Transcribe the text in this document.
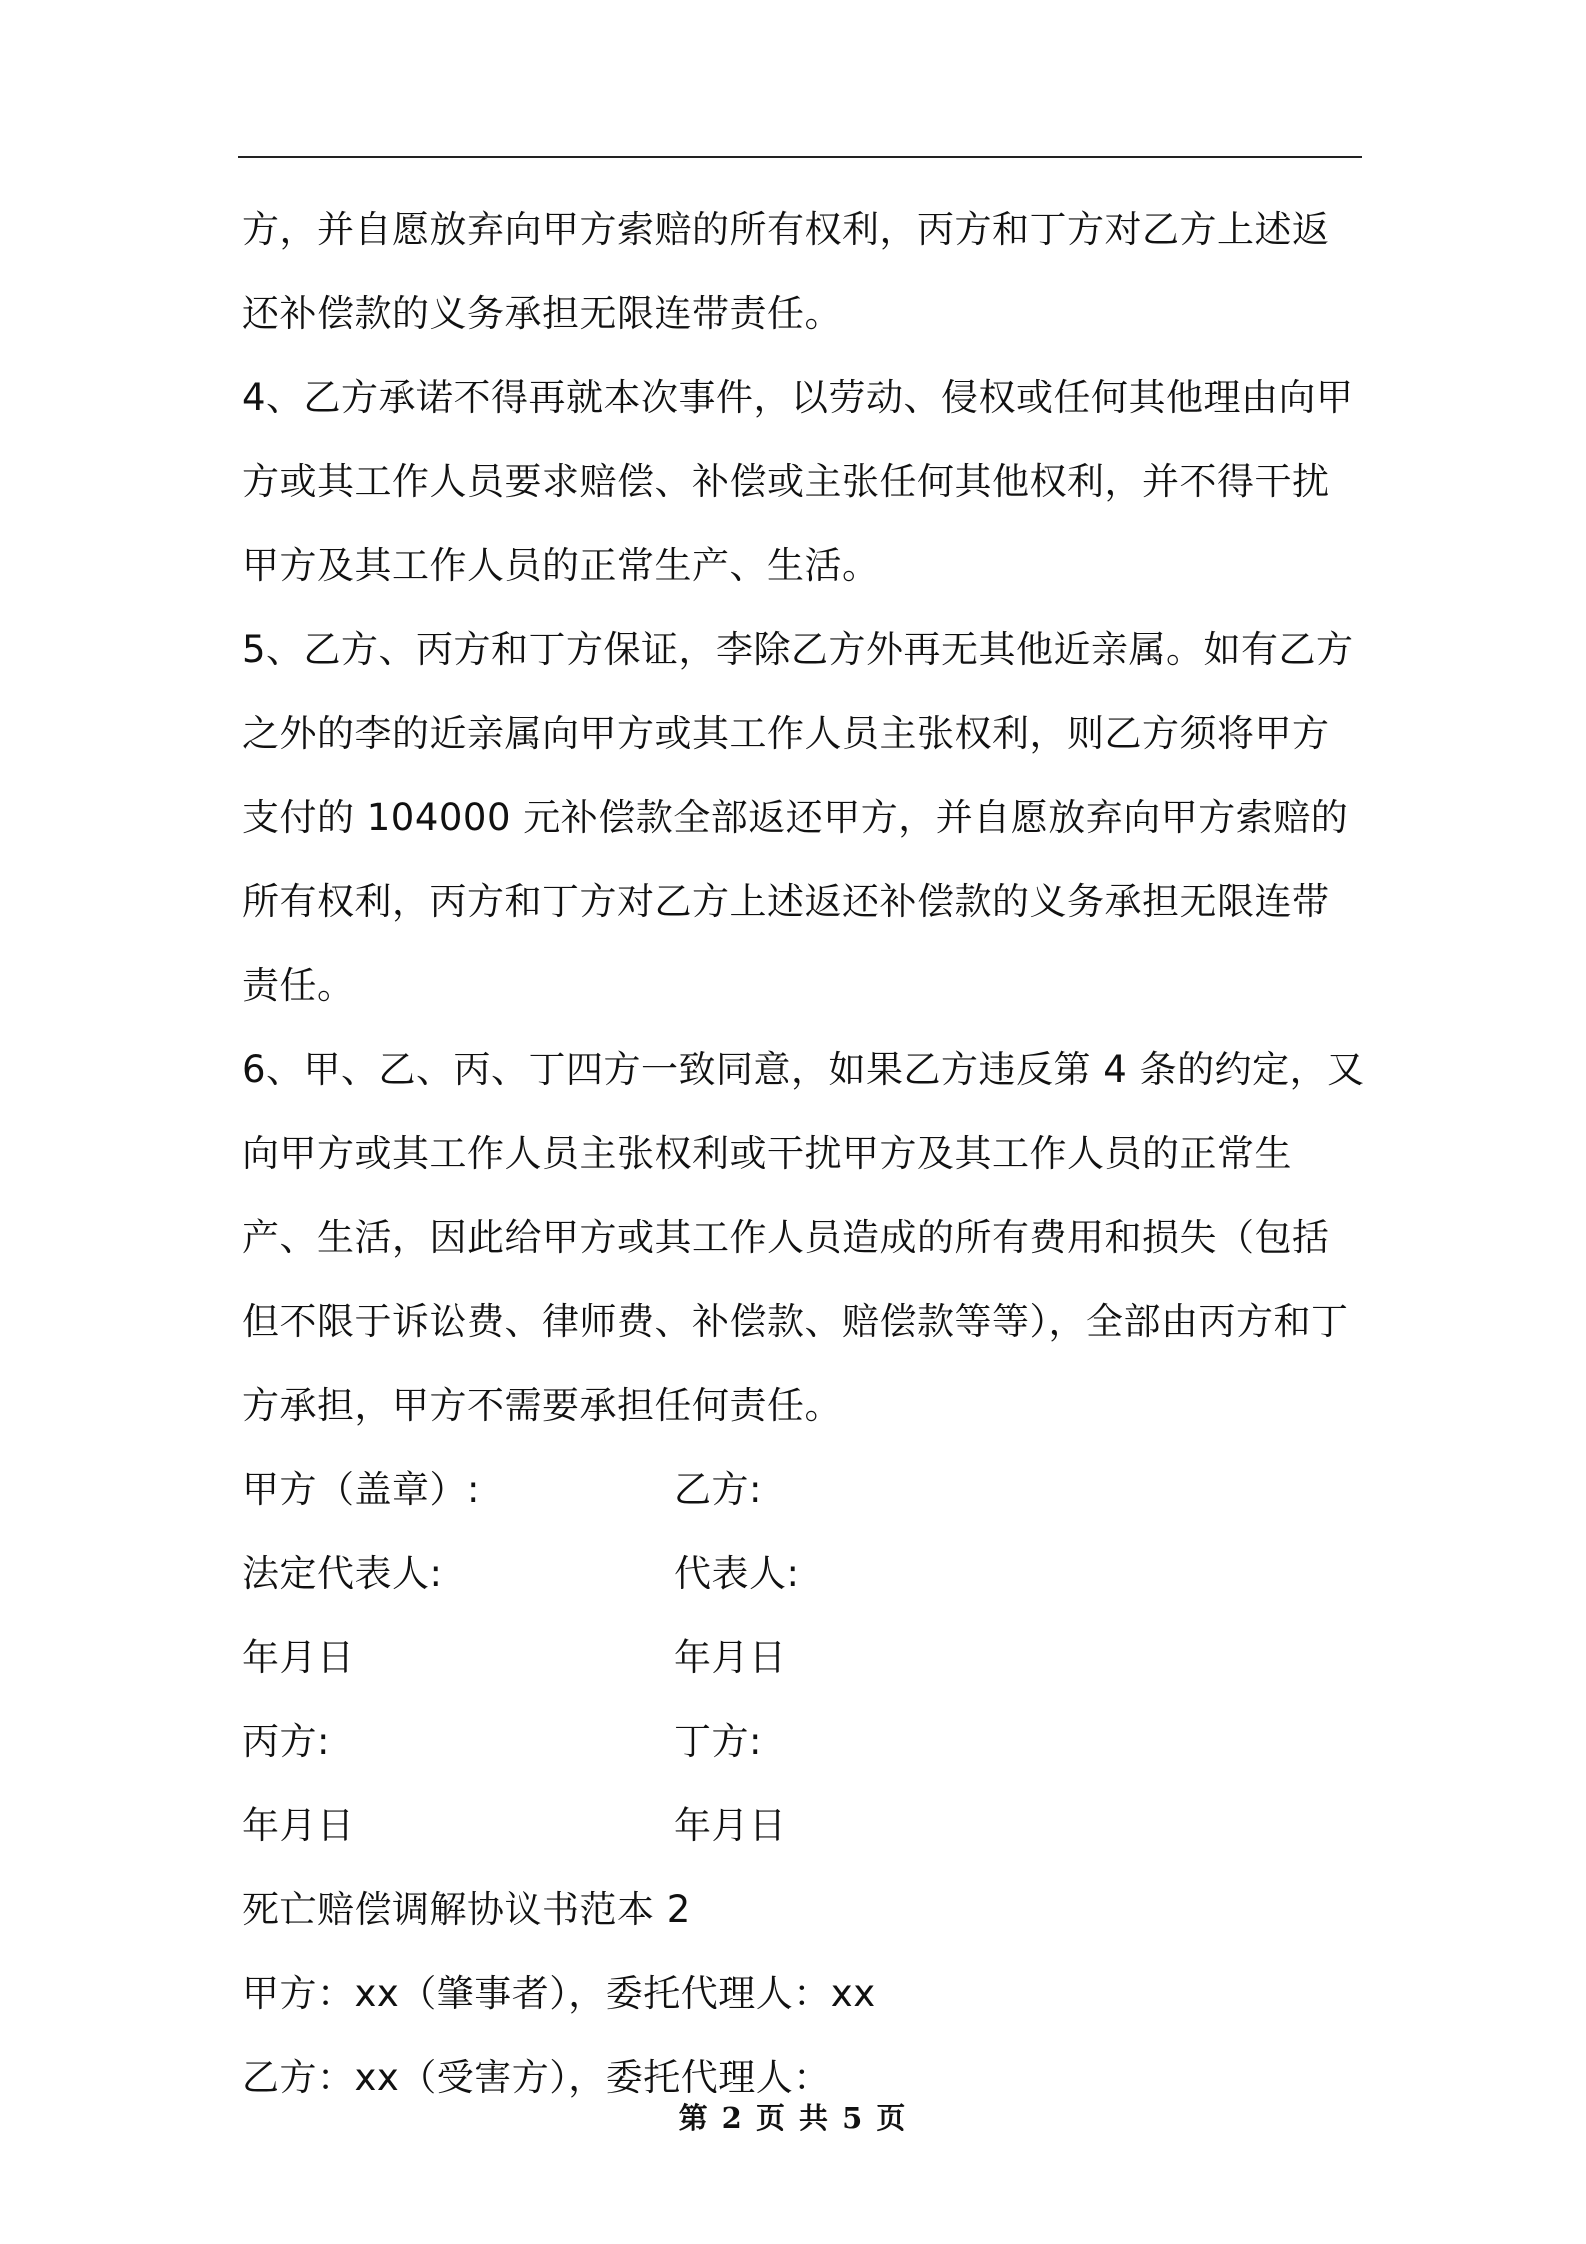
方，并自愿放弃向甲方索赔的所有权利，丙方和丁方对乙方上述返还补偿款的义务承担无限连带责任。

4、乙方承诺不得再就本次事件，以劳动、侵权或任何其他理由向甲方或其工作人员要求赔偿、补偿或主张任何其他权利，并不得干扰甲方及其工作人员的正常生产、生活。

5、乙方、丙方和丁方保证，李除乙方外再无其他近亲属。如有乙方之外的李的近亲属向甲方或其工作人员主张权利，则乙方须将甲方支付的 104000 元补偿款全部返还甲方，并自愿放弃向甲方索赔的所有权利，丙方和丁方对乙方上述返还补偿款的义务承担无限连带责任。

6、甲、乙、丙、丁四方一致同意，如果乙方违反第 4 条的约定，又向甲方或其工作人员主张权利或干扰甲方及其工作人员的正常生产、生活，因此给甲方或其工作人员造成的所有费用和损失（包括但不限于诉讼费、律师费、补偿款、赔偿款等等），全部由丙方和丁方承担，甲方不需要承担任何责任。

甲方（盖章）:	乙方:
法定代表人:	代表人:
年月日	年月日
丙方:	丁方:
年月日	年月日
死亡赔偿调解协议书范本 2
甲方：xx（肇事者），委托代理人：xx
乙方：xx（受害方），委托代理人：
第 2 页 共 5 页
